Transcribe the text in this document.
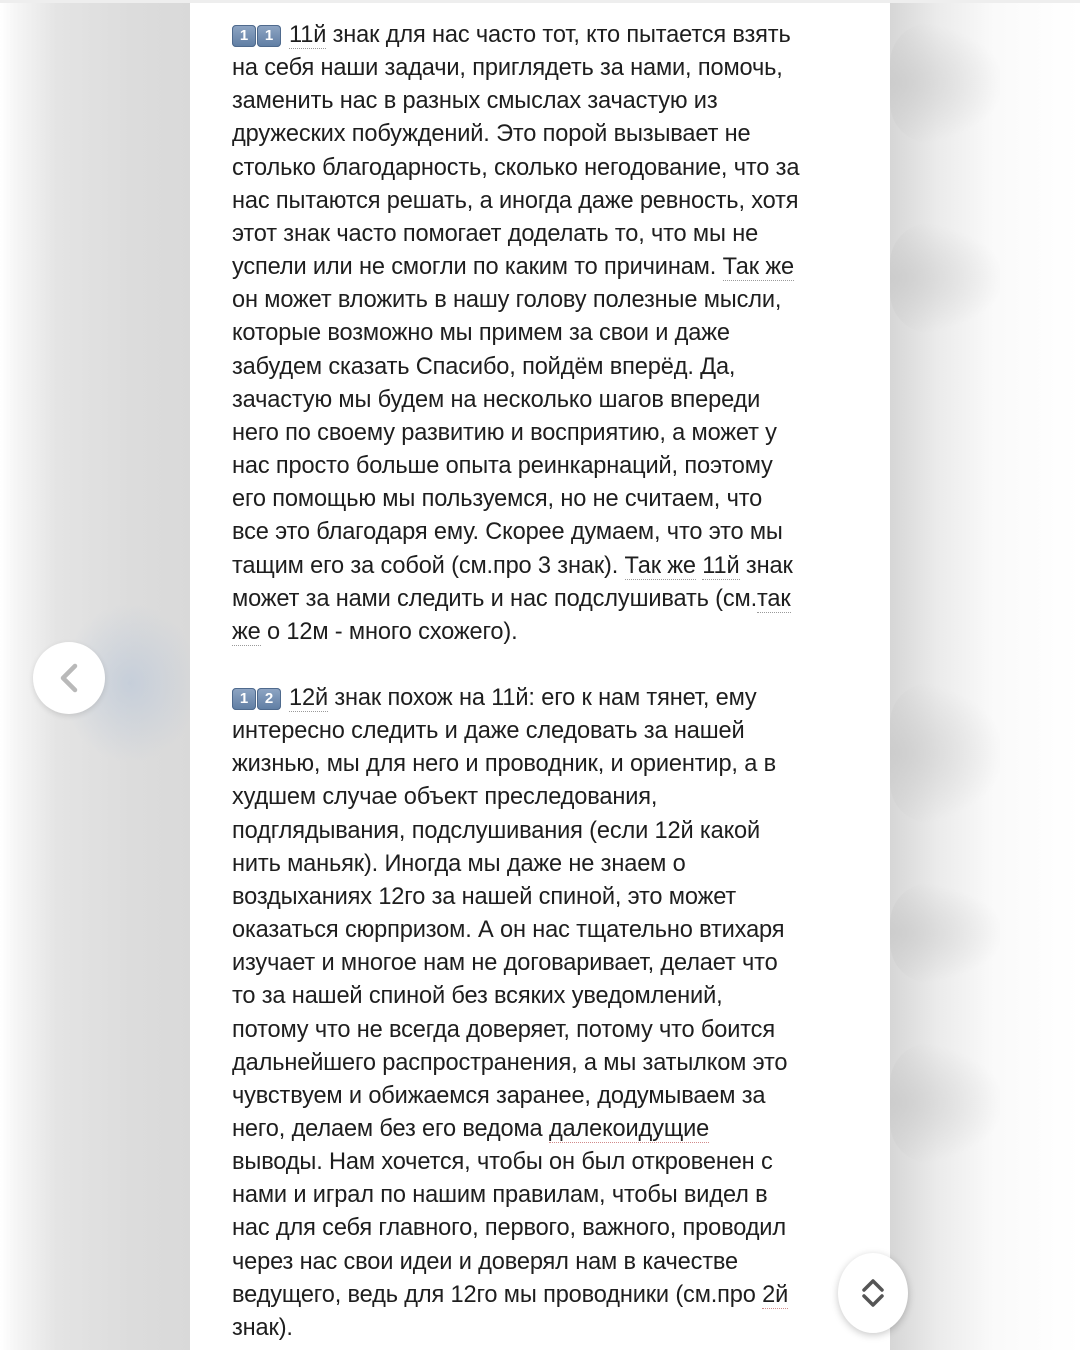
1 1 11й знак для нас часто тот, кто пытается взять
на себя наши задачи, приглядеть за нами, помочь,
заменить нас в разных смыслах зачастую из
дружеских побуждений. Это порой вызывает не
столько благодарность, сколько негодование, что за
нас пытаются решать, а иногда даже ревность, хотя
этот знак часто помогает доделать то, что мы не
успели или не смогли по каким то причинам. Так же
он может вложить в нашу голову полезные мысли,
которые возможно мы примем за свои и даже
забудем сказать Спасибо, пойдём вперёд. Да,
зачастую мы будем на несколько шагов впереди
него по своему развитию и восприятию, а может у
нас просто больше опыта реинкарнаций, поэтому
его помощью мы пользуемся, но не считаем, что
все это благодаря ему. Скорее думаем, что это мы
тащим его за собой (см.про 3 знак). Так же 11й знак
может за нами следить и нас подслушивать (см.так
же о 12м - много схожего).
1 2 12й знак похож на 11й: его к нам тянет, ему
интересно следить и даже следовать за нашей
жизнью, мы для него и проводник, и ориентир, а в
худшем случае объект преследования,
подглядывания, подслушивания (если 12й какой
нить маньяк). Иногда мы даже не знаем о
воздыханиях 12го за нашей спиной, это может
оказаться сюрпризом. А он нас тщательно втихаря
изучает и многое нам не договаривает, делает что
то за нашей спиной без всяких уведомлений,
потому что не всегда доверяет, потому что боится
дальнейшего распространения, а мы затылком это
чувствуем и обижаемся заранее, додумываем за
него, делаем без его ведома далекоидущие
выводы. Нам хочется, чтобы он был откровенен с
нами и играл по нашим правилам, чтобы видел в
нас для себя главного, первого, важного, проводил
через нас свои идеи и доверял нам в качестве
ведущего, ведь для 12го мы проводники (см.про 2й
знак).
